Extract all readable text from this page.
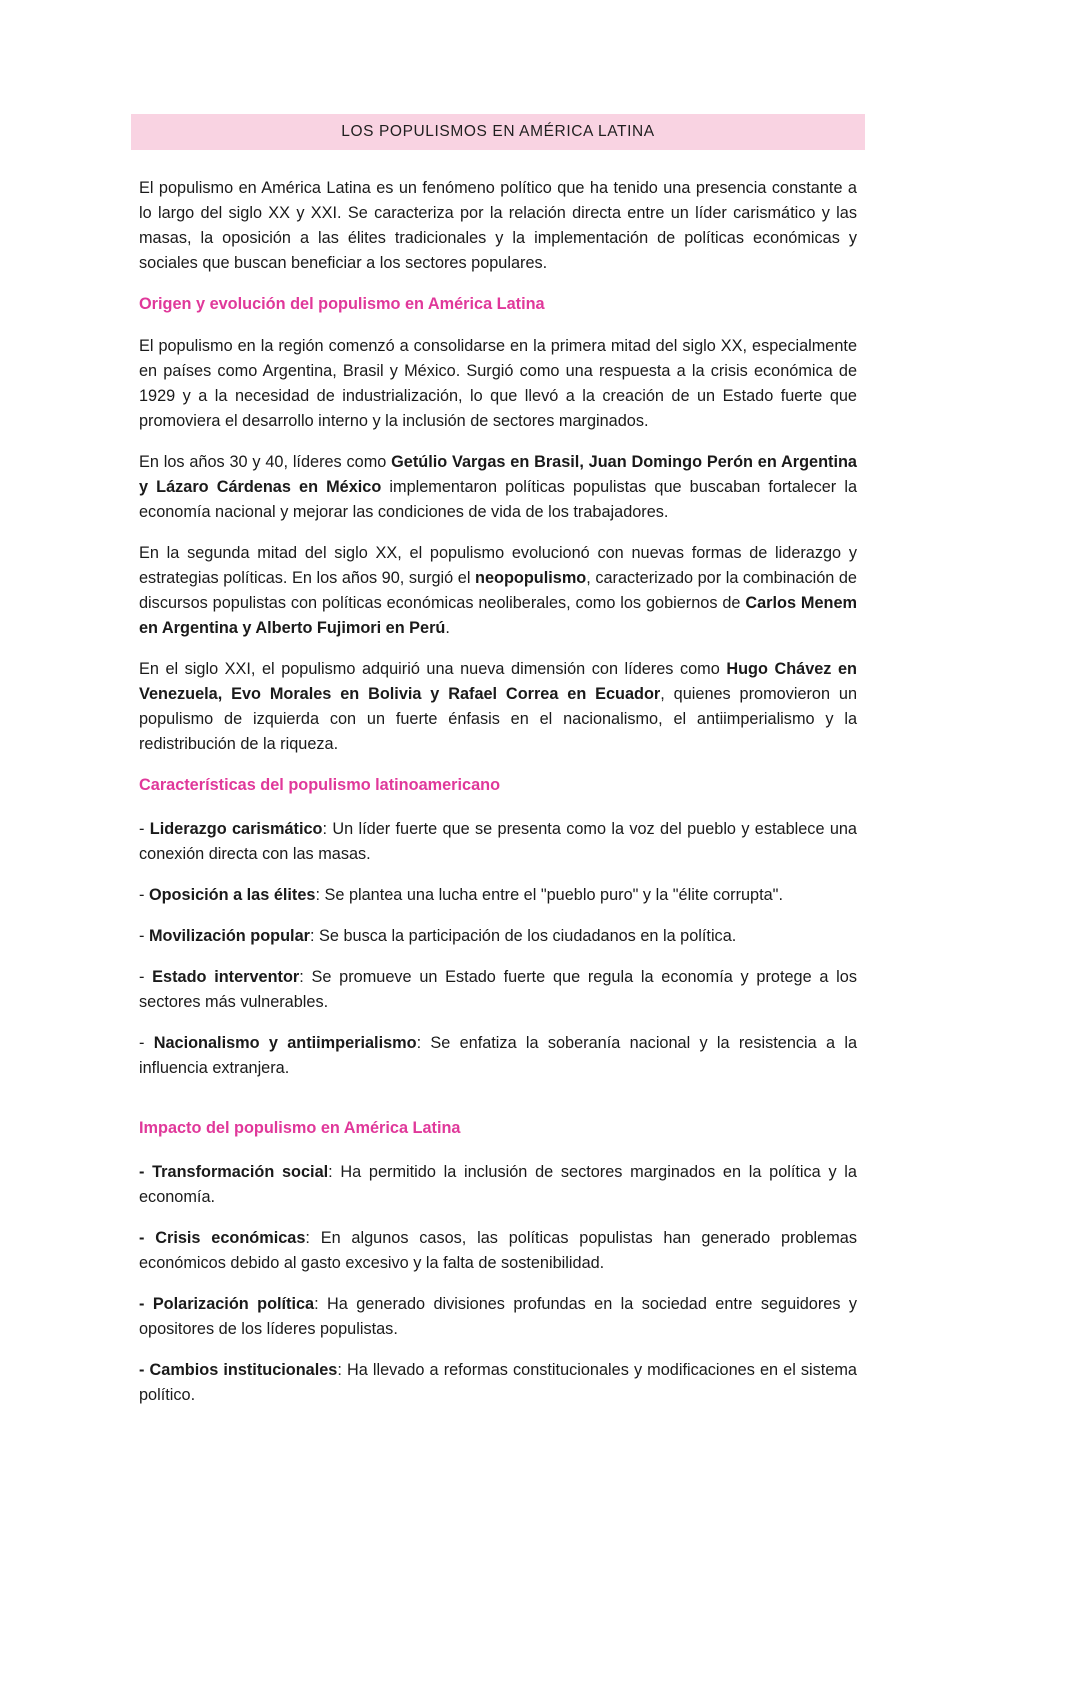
LOS POPULISMOS EN AMÉRICA LATINA

El populismo en América Latina es un fenómeno político que ha tenido una presencia constante a lo largo del siglo XX y XXI. Se caracteriza por la relación directa entre un líder carismático y las masas, la oposición a las élites tradicionales y la implementación de políticas económicas y sociales que buscan beneficiar a los sectores populares.

Origen y evolución del populismo en América Latina

El populismo en la región comenzó a consolidarse en la primera mitad del siglo XX, especialmente en países como Argentina, Brasil y México. Surgió como una respuesta a la crisis económica de 1929 y a la necesidad de industrialización, lo que llevó a la creación de un Estado fuerte que promoviera el desarrollo interno y la inclusión de sectores marginados.

En los años 30 y 40, líderes como Getúlio Vargas en Brasil, Juan Domingo Perón en Argentina y Lázaro Cárdenas en México implementaron políticas populistas que buscaban fortalecer la economía nacional y mejorar las condiciones de vida de los trabajadores.

En la segunda mitad del siglo XX, el populismo evolucionó con nuevas formas de liderazgo y estrategias políticas. En los años 90, surgió el neopopulismo, caracterizado por la combinación de discursos populistas con políticas económicas neoliberales, como los gobiernos de Carlos Menem en Argentina y Alberto Fujimori en Perú.

En el siglo XXI, el populismo adquirió una nueva dimensión con líderes como Hugo Chávez en Venezuela, Evo Morales en Bolivia y Rafael Correa en Ecuador, quienes promovieron un populismo de izquierda con un fuerte énfasis en el nacionalismo, el antiimperialismo y la redistribución de la riqueza.

Características del populismo latinoamericano

- Liderazgo carismático: Un líder fuerte que se presenta como la voz del pueblo y establece una conexión directa con las masas.

- Oposición a las élites: Se plantea una lucha entre el "pueblo puro" y la "élite corrupta".

- Movilización popular: Se busca la participación de los ciudadanos en la política.

- Estado interventor: Se promueve un Estado fuerte que regula la economía y protege a los sectores más vulnerables.

- Nacionalismo y antiimperialismo: Se enfatiza la soberanía nacional y la resistencia a la influencia extranjera.

Impacto del populismo en América Latina

- Transformación social: Ha permitido la inclusión de sectores marginados en la política y la economía.

- Crisis económicas: En algunos casos, las políticas populistas han generado problemas económicos debido al gasto excesivo y la falta de sostenibilidad.

- Polarización política: Ha generado divisiones profundas en la sociedad entre seguidores y opositores de los líderes populistas.

- Cambios institucionales: Ha llevado a reformas constitucionales y modificaciones en el sistema político.
